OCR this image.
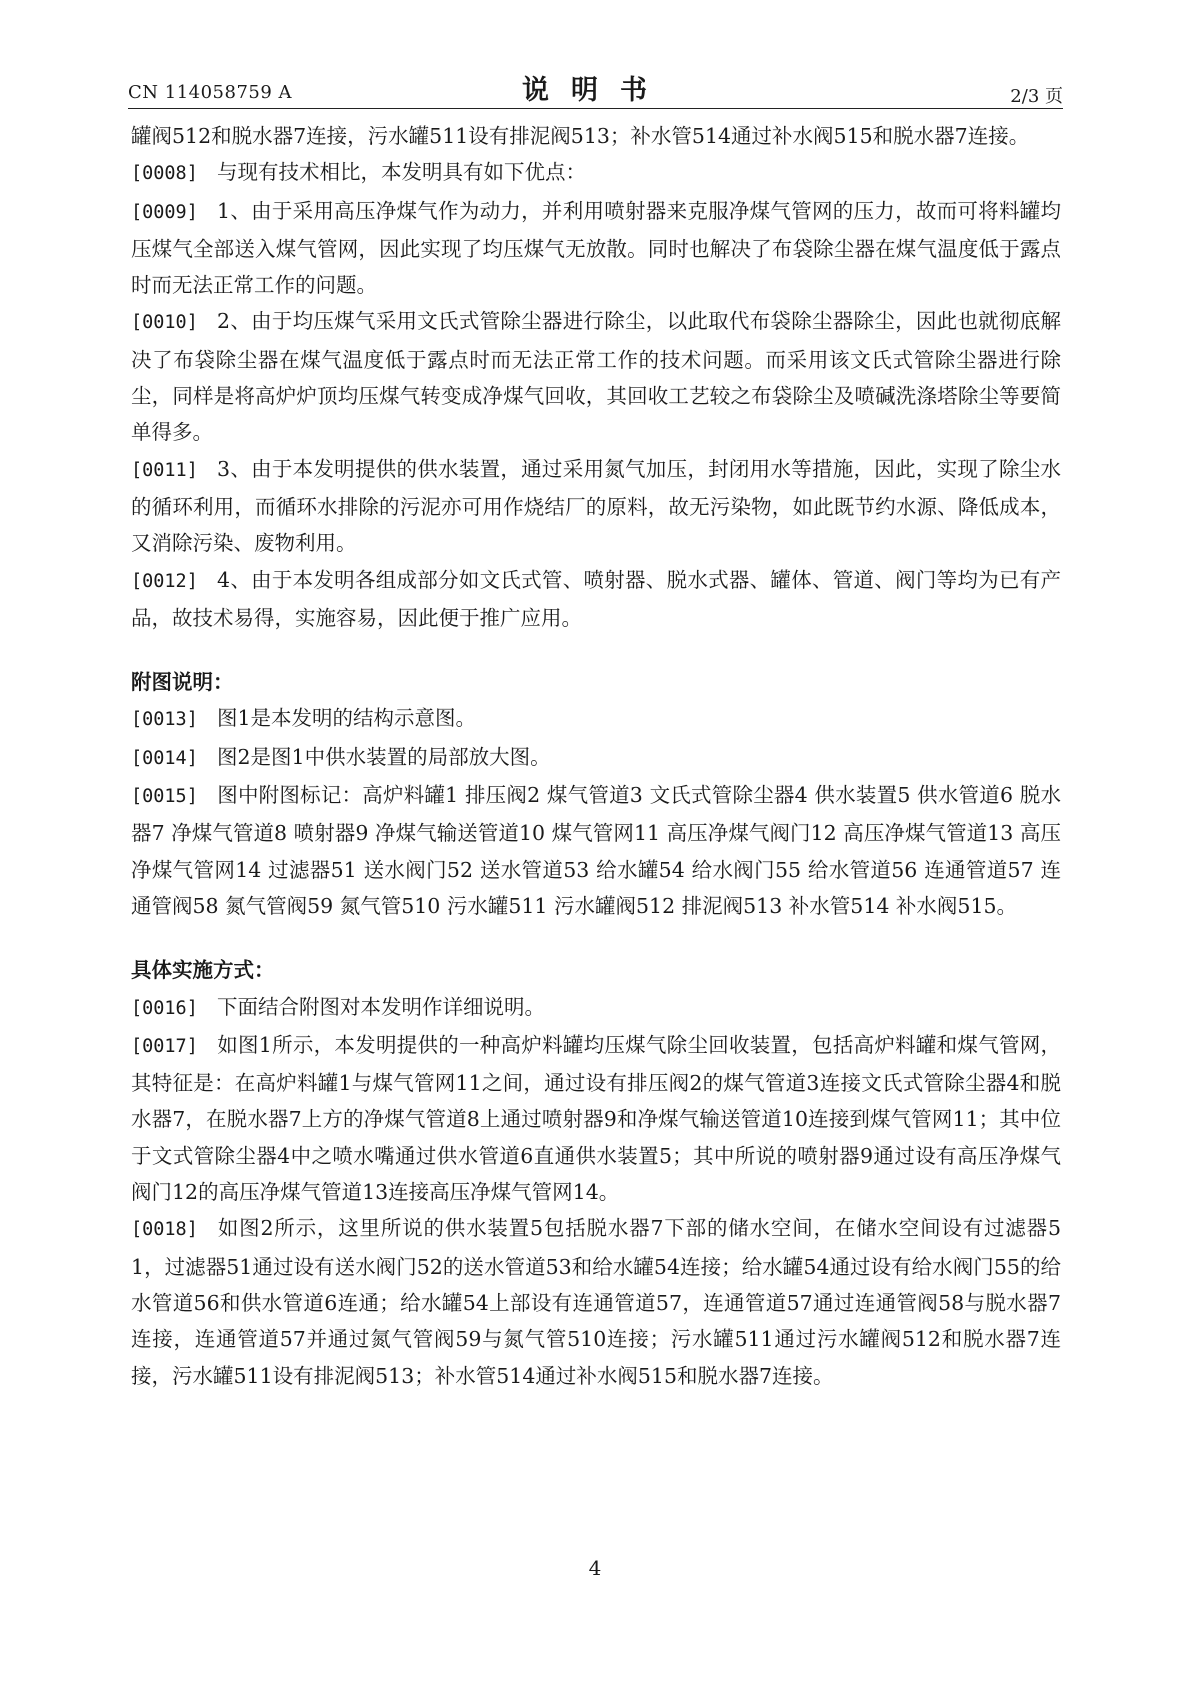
CN 114058759 A	说明书	2/3 页

罐阀512和脱水器7连接，污水罐511设有排泥阀513；补水管514通过补水阀515和脱水器7连接。

[0008] 与现有技术相比，本发明具有如下优点：

[0009] 1、由于采用高压净煤气作为动力，并利用喷射器来克服净煤气管网的压力，故而可将料罐均压煤气全部送入煤气管网，因此实现了均压煤气无放散。同时也解决了布袋除尘器在煤气温度低于露点时而无法正常工作的问题。

[0010] 2、由于均压煤气采用文氏式管除尘器进行除尘，以此取代布袋除尘器除尘，因此也就彻底解决了布袋除尘器在煤气温度低于露点时而无法正常工作的技术问题。而采用该文氏式管除尘器进行除尘，同样是将高炉炉顶均压煤气转变成净煤气回收，其回收工艺较之布袋除尘及喷碱洗涤塔除尘等要简单得多。

[0011] 3、由于本发明提供的供水装置，通过采用氮气加压，封闭用水等措施，因此，实现了除尘水的循环利用，而循环水排除的污泥亦可用作烧结厂的原料，故无污染物，如此既节约水源、降低成本，又消除污染、废物利用。

[0012] 4、由于本发明各组成部分如文氏式管、喷射器、脱水式器、罐体、管道、阀门等均为已有产品，故技术易得，实施容易，因此便于推广应用。

附图说明：

[0013] 图1是本发明的结构示意图。

[0014] 图2是图1中供水装置的局部放大图。

[0015] 图中附图标记：高炉料罐1 排压阀2 煤气管道3 文氏式管除尘器4 供水装置5 供水管道6 脱水器7 净煤气管道8 喷射器9 净煤气输送管道10 煤气管网11 高压净煤气阀门12 高压净煤气管道13 高压净煤气管网14 过滤器51 送水阀门52 送水管道53 给水罐54 给水阀门55 给水管道56 连通管道57 连通管阀58 氮气管阀59 氮气管510 污水罐511 污水罐阀512 排泥阀513 补水管514 补水阀515。

具体实施方式：

[0016] 下面结合附图对本发明作详细说明。

[0017] 如图1所示，本发明提供的一种高炉料罐均压煤气除尘回收装置，包括高炉料罐和煤气管网，其特征是：在高炉料罐1与煤气管网11之间，通过设有排压阀2的煤气管道3连接文氏式管除尘器4和脱水器7，在脱水器7上方的净煤气管道8上通过喷射器9和净煤气输送管道10连接到煤气管网11；其中位于文式管除尘器4中之喷水嘴通过供水管道6直通供水装置5；其中所说的喷射器9通过设有高压净煤气阀门12的高压净煤气管道13连接高压净煤气管网14。

[0018] 如图2所示，这里所说的供水装置5包括脱水器7下部的储水空间，在储水空间设有过滤器51，过滤器51通过设有送水阀门52的送水管道53和给水罐54连接；给水罐54通过设有给水阀门55的给水管道56和供水管道6连通；给水罐54上部设有连通管道57，连通管道57通过连通管阀58与脱水器7连接，连通管道57并通过氮气管阀59与氮气管510连接；污水罐511通过污水罐阀512和脱水器7连接，污水罐511设有排泥阀513；补水管514通过补水阀515和脱水器7连接。

4
